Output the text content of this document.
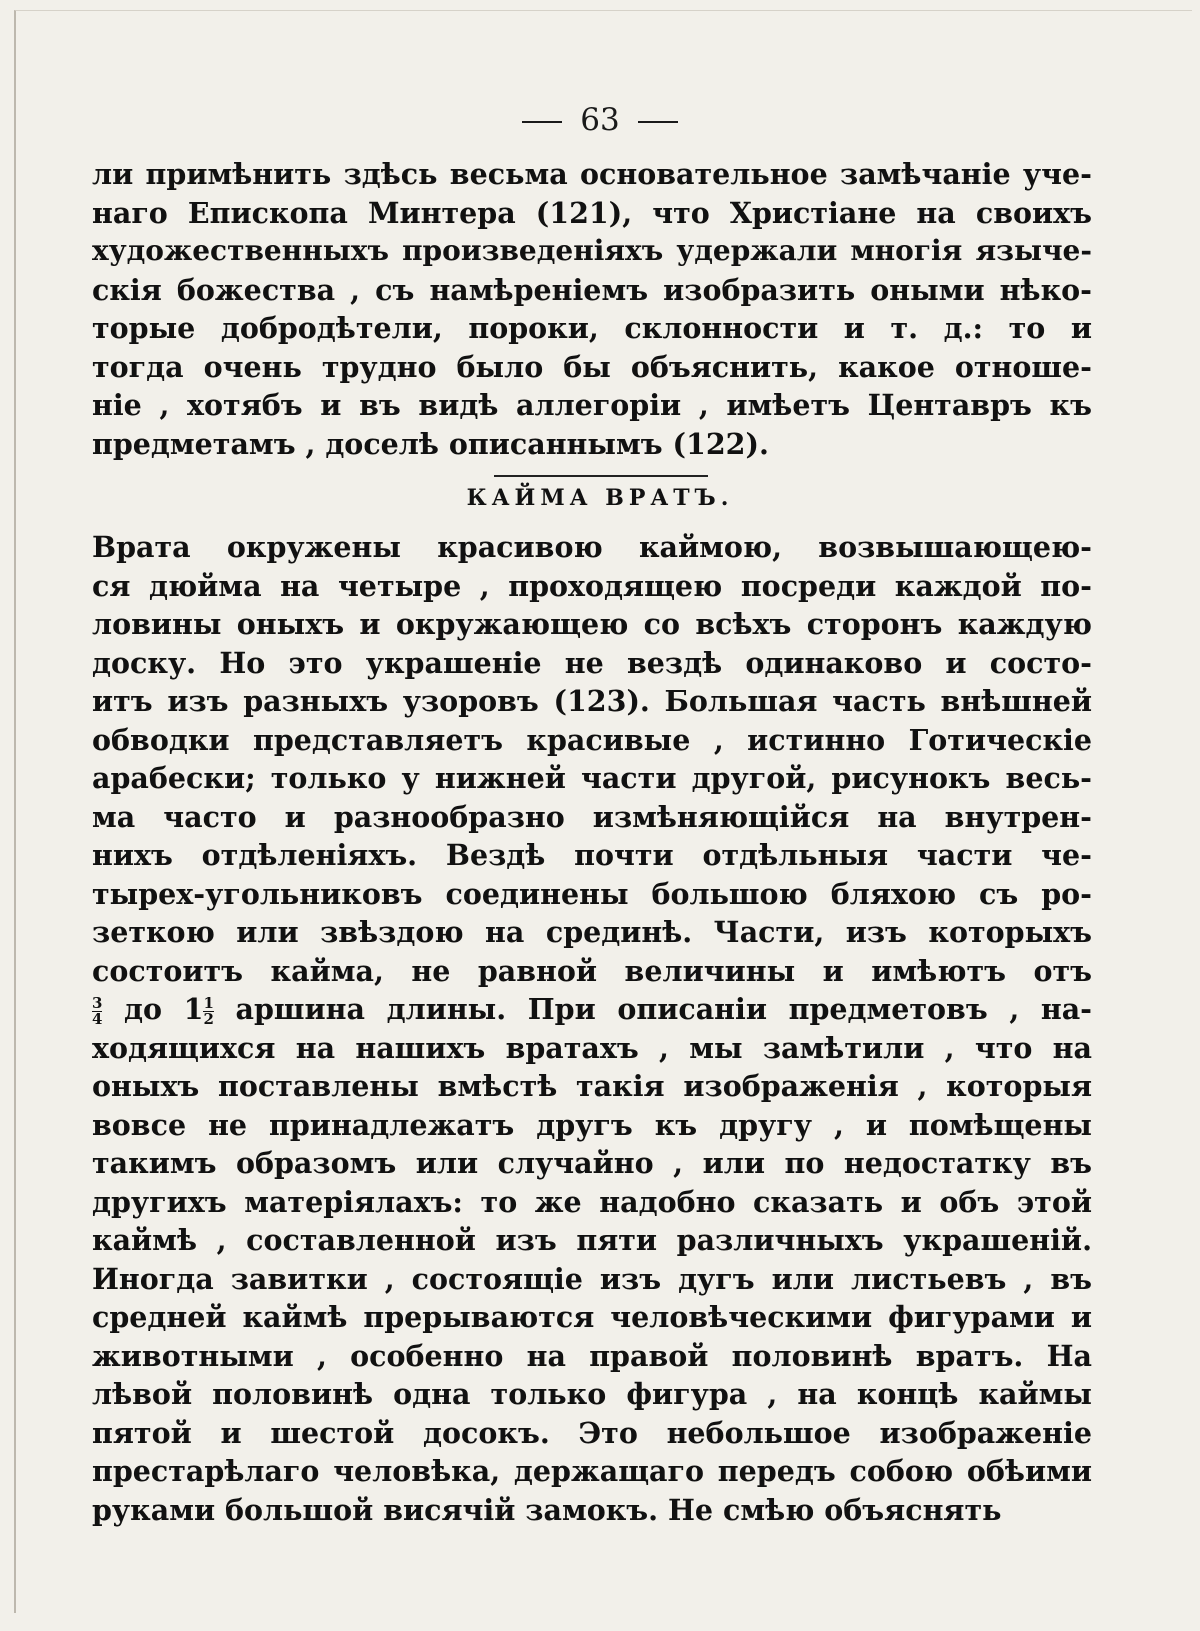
63

ли примѣнить здѣсь весьма основательное замѣчаніе уче-

наго Епископа Минтера (121), что Христіане на своихъ

художественныхъ произведеніяхъ удержали многія языче-

скія божества , съ намѣреніемъ изобразить оными нѣко-

торые добродѣтели, пороки, склонности и т. д.: то и

тогда очень трудно было бы объяснить, какое отноше-

ніе , хотябъ и въ видѣ аллегоріи , имѣетъ Центавръ къ

предметамъ , доселѣ описаннымъ (122).

КАЙМА ВРАТЪ.

Врата окружены красивою каймою, возвышающею-

ся дюйма на четыре , проходящею посреди каждой по-

ловины оныхъ и окружающею со всѣхъ сторонъ каждую

доску. Но это украшеніе не вездѣ одинаково и состо-

итъ изъ разныхъ узоровъ (123). Большая часть внѣшней

обводки представляетъ красивые , истинно Готическіе

арабески; только у нижней части другой, рисунокъ весь-

ма часто и разнообразно измѣняющійся на внутрен-

нихъ отдѣленіяхъ. Вездѣ почти отдѣльныя части че-

тырех-угольниковъ соединены большою бляхою съ ро-

зеткою или звѣздою на срединѣ. Части, изъ которыхъ

состоитъ кайма, не равной величины и имѣютъ отъ

$\frac{3}{4}$ до $1 \frac{1}{2}$ аршина длины. При описаніи предметовъ , на-

ходящихся на нашихъ вратахъ , мы замѣтили , что на

оныхъ поставлены вмѣстѣ такія изображенія , которыя

вовсе не принадлежатъ другъ къ другу , и помѣщены

такимъ образомъ или случайно , или по недостатку въ

другихъ матеріялахъ: то же надобно сказать и объ этой

каймѣ , составленной изъ пяти различныхъ украшеній.

Иногда завитки , состоящіе изъ дугъ или листьевъ , въ

средней каймѣ прерываются человѣческими фигурами и

животными , особенно на правой половинѣ вратъ. На

лѣвой половинѣ одна только фигура , на концѣ каймы

пятой и шестой досокъ. Это небольшое изображеніе

престарѣлаго человѣка, держащаго передъ собою обѣими

руками большой висячій замокъ. Не смѣю объяснять
